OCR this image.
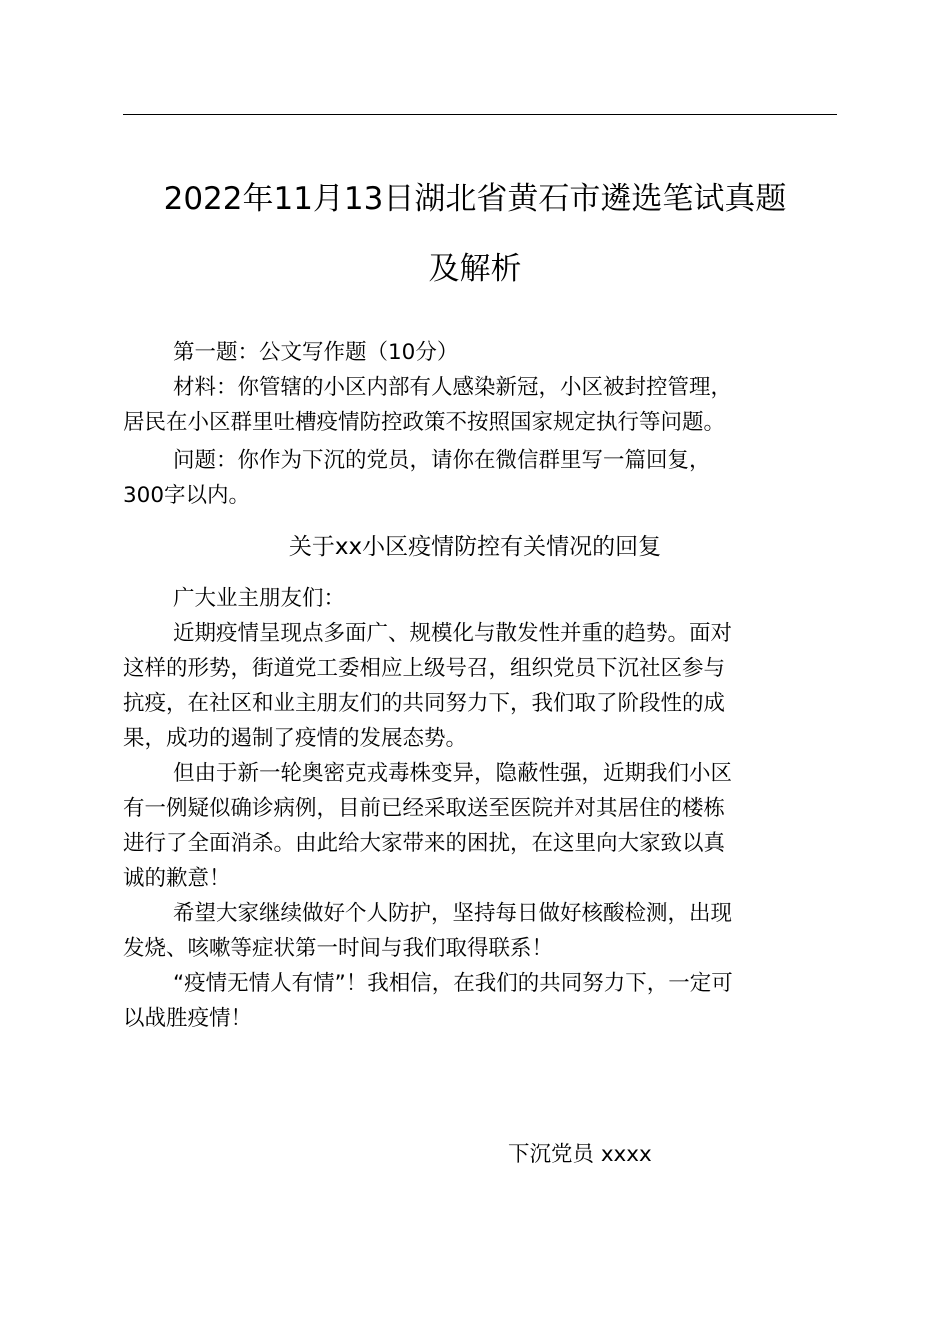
2022年11月13日湖北省黄石市遴选笔试真题
及解析
第一题：公文写作题（10分）
材料：你管辖的小区内部有人感染新冠，小区被封控管理，
居民在小区群里吐槽疫情防控政策不按照国家规定执行等问题。
问题：你作为下沉的党员，请你在微信群里写一篇回复，
300字以内。
关于xx小区疫情防控有关情况的回复
广大业主朋友们：
近期疫情呈现点多面广、规模化与散发性并重的趋势。面对
这样的形势，街道党工委相应上级号召，组织党员下沉社区参与
抗疫，在社区和业主朋友们的共同努力下，我们取了阶段性的成
果，成功的遏制了疫情的发展态势。
但由于新一轮奥密克戎毒株变异，隐蔽性强，近期我们小区
有一例疑似确诊病例，目前已经采取送至医院并对其居住的楼栋
进行了全面消杀。由此给大家带来的困扰，在这里向大家致以真
诚的歉意！
希望大家继续做好个人防护，坚持每日做好核酸检测，出现
发烧、咳嗽等症状第一时间与我们取得联系！
“疫情无情人有情”！我相信，在我们的共同努力下，一定可
以战胜疫情！
下沉党员 xxxx
